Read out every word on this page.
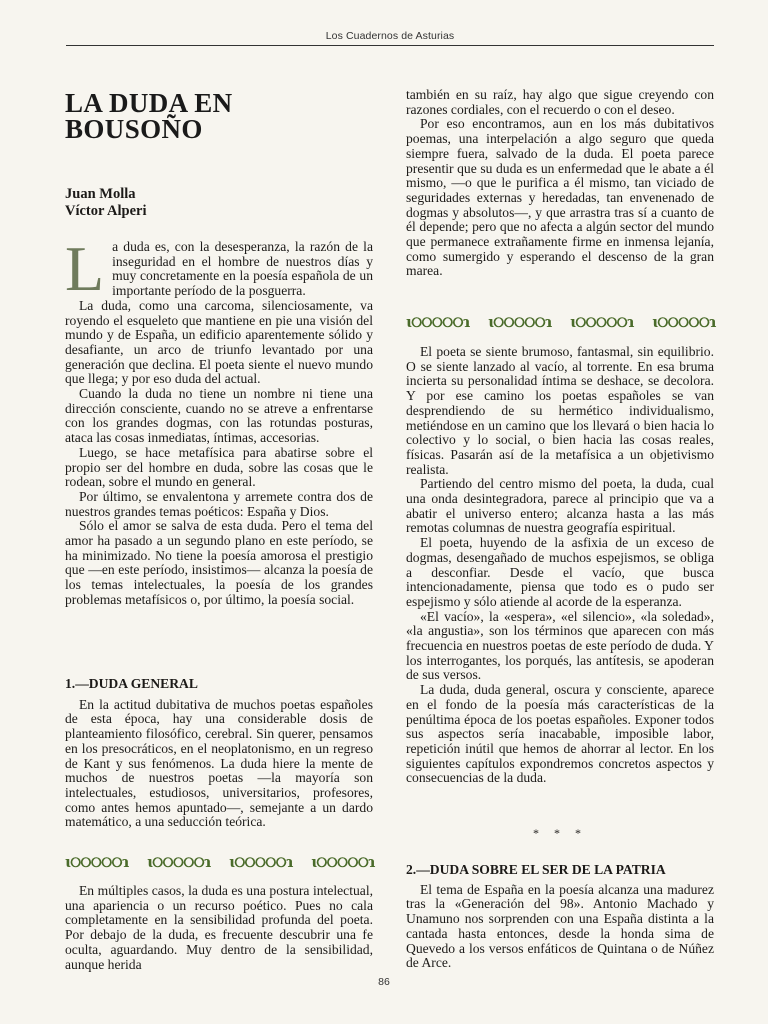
Los Cuadernos de Asturias
LA DUDA EN
BOUSOÑO
Juan Molla
Víctor Alperi

La duda es, con la desesperanza, la razón de la inseguridad en el hombre de nuestros días y muy concretamente en la poesía española de un importante período de la posguerra.

La duda, como una carcoma, silenciosamente, va royendo el esqueleto que mantiene en pie una visión del mundo y de España, un edificio aparentemente sólido y desafiante, un arco de triunfo levantado por una generación que declina. El poeta siente el nuevo mundo que llega; y por eso duda del actual.

Cuando la duda no tiene un nombre ni tiene una dirección consciente, cuando no se atreve a enfrentarse con los grandes dogmas, con las rotundas posturas, ataca las cosas inmediatas, íntimas, accesorias.

Luego, se hace metafísica para abatirse sobre el propio ser del hombre en duda, sobre las cosas que le rodean, sobre el mundo en general.

Por último, se envalentona y arremete contra dos de nuestros grandes temas poéticos: España y Dios.

Sólo el amor se salva de esta duda. Pero el tema del amor ha pasado a un segundo plano en este período, se ha minimizado. No tiene la poesía amorosa el prestigio que —en este período, insistimos— alcanza la poesía de los temas intelectuales, la poesía de los grandes problemas metafísicos o, por último, la poesía social.

1.—DUDA GENERAL

En la actitud dubitativa de muchos poetas españoles de esta época, hay una considerable dosis de planteamiento filosófico, cerebral. Sin querer, pensamos en los presocráticos, en el neoplatonismo, en un regreso de Kant y sus fenómenos. La duda hiere la mente de muchos de nuestros poetas —la mayoría son intelectuales, estudiosos, universitarios, profesores, como antes hemos apuntado—, semejante a un dardo matemático, a una seducción teórica.

ɩ୦୦୦୦୦ɿ ɩ୦୦୦୦୦ɿ ɩ୦୦୦୦୦ɿ ɩ୦୦୦୦୦ɿ

En múltiples casos, la duda es una postura intelectual, una apariencia o un recurso poético. Pues no cala completamente en la sensibilidad profunda del poeta. Por debajo de la duda, es frecuente descubrir una fe oculta, aguardando. Muy dentro de la sensibilidad, aunque herida

también en su raíz, hay algo que sigue creyendo con razones cordiales, con el recuerdo o con el deseo.

Por eso encontramos, aun en los más dubitativos poemas, una interpelación a algo seguro que queda siempre fuera, salvado de la duda. El poeta parece presentir que su duda es un enfermedad que le abate a él mismo, —o que le purifica a él mismo, tan viciado de seguridades externas y heredadas, tan envenenado de dogmas y absolutos—, y que arrastra tras sí a cuanto de él depende; pero que no afecta a algún sector del mundo que permanece extrañamente firme en inmensa lejanía, como sumergido y esperando el descenso de la gran marea.

ɩ୦୦୦୦୦ɿ ɩ୦୦୦୦୦ɿ ɩ୦୦୦୦୦ɿ ɩ୦୦୦୦୦ɿ

El poeta se siente brumoso, fantasmal, sin equilibrio. O se siente lanzado al vacío, al torrente. En esa bruma incierta su personalidad íntima se deshace, se decolora. Y por ese camino los poetas españoles se van desprendiendo de su hermético individualismo, metiéndose en un camino que los llevará o bien hacia lo colectivo y lo social, o bien hacia las cosas reales, físicas. Pasarán así de la metafísica a un objetivismo realista.

Partiendo del centro mismo del poeta, la duda, cual una onda desintegradora, parece al principio que va a abatir el universo entero; alcanza hasta a las más remotas columnas de nuestra geografía espiritual.

El poeta, huyendo de la asfixia de un exceso de dogmas, desengañado de muchos espejismos, se obliga a desconfiar. Desde el vacío, que busca intencionadamente, piensa que todo es o pudo ser espejismo y sólo atiende al acorde de la esperanza.

«El vacío», la «espera», «el silencio», «la soledad», «la angustia», son los términos que aparecen con más frecuencia en nuestros poetas de este período de duda. Y los interrogantes, los porqués, las antítesis, se apoderan de sus versos.

La duda, duda general, oscura y consciente, aparece en el fondo de la poesía más características de la penúltima época de los poetas españoles. Exponer todos sus aspectos sería inacabable, imposible labor, repetición inútil que hemos de ahorrar al lector. En los siguientes capítulos expondremos concretos aspectos y consecuencias de la duda.

* * *

2.—DUDA SOBRE EL SER DE LA PATRIA

El tema de España en la poesía alcanza una madurez tras la «Generación del 98». Antonio Machado y Unamuno nos sorprenden con una España distinta a la cantada hasta entonces, desde la honda sima de Quevedo a los versos enfáticos de Quintana o de Núñez de Arce.

86
